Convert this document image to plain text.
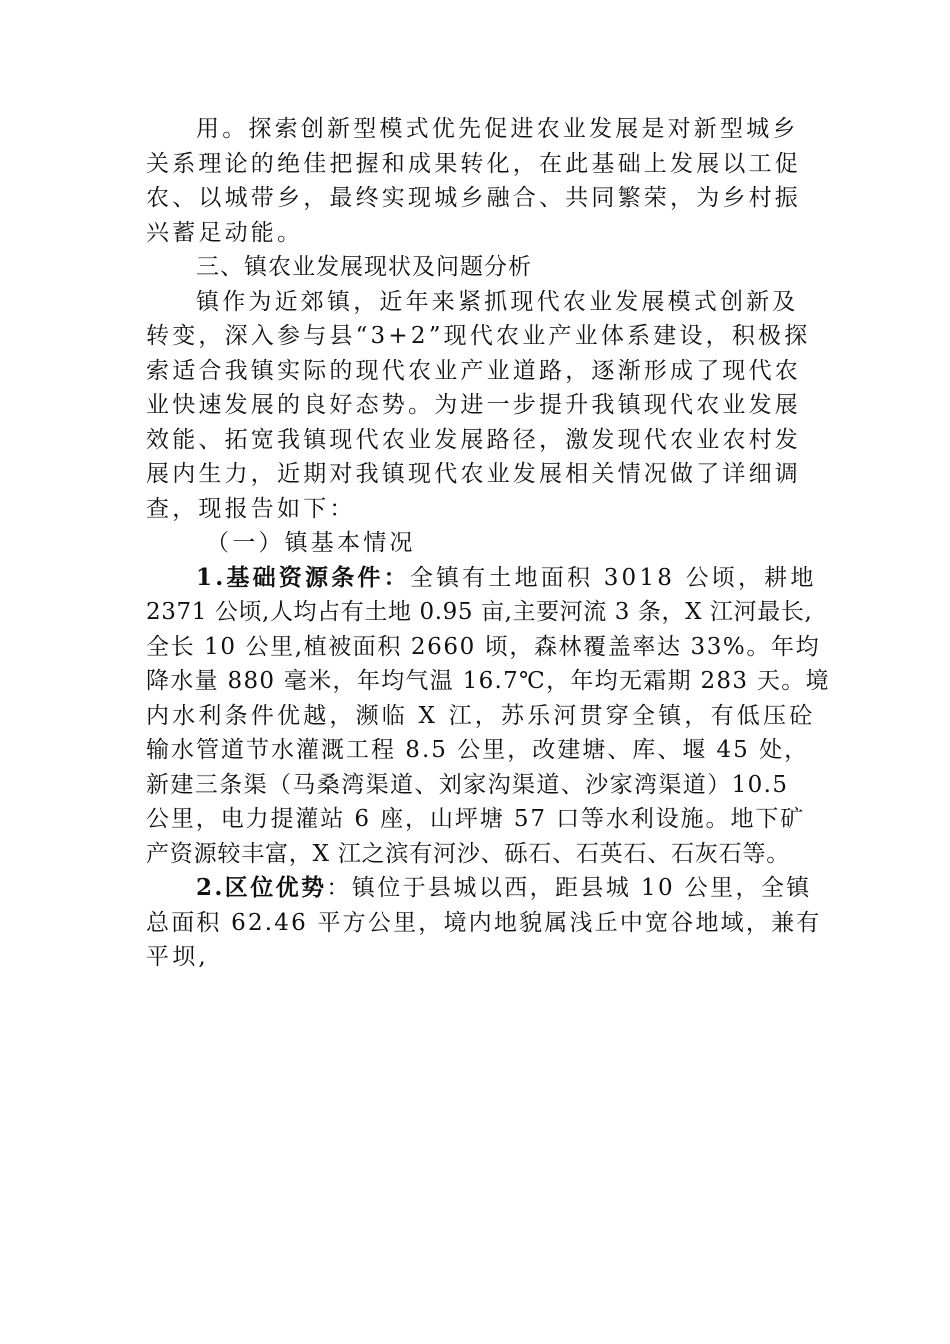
用。探索创新型模式优先促进农业发展是对新型城乡
关系理论的绝佳把握和成果转化，在此基础上发展以工促
农、以城带乡，最终实现城乡融合、共同繁荣，为乡村振
兴蓄足动能。
三、镇农业发展现状及问题分析
镇作为近郊镇，近年来紧抓现代农业发展模式创新及
转变，深入参与县“3+2”现代农业产业体系建设，积极探
索适合我镇实际的现代农业产业道路，逐渐形成了现代农
业快速发展的良好态势。为进一步提升我镇现代农业发展
效能、拓宽我镇现代农业发展路径，激发现代农业农村发
展内生力，近期对我镇现代农业发展相关情况做了详细调
查，现报告如下：
（一）镇基本情况
1.基础资源条件：全镇有土地面积 3018 公顷，耕地
2371 公顷,人均占有土地 0.95 亩,主要河流 3 条，X 江河最长,
全长 10 公里,植被面积 2660 顷，森林覆盖率达 33%。年均
降水量 880 毫米，年均气温 16.7℃，年均无霜期 283 天。境
内水利条件优越，濒临 X 江，苏乐河贯穿全镇，有低压砼
输水管道节水灌溉工程 8.5 公里，改建塘、库、堰 45 处，
新建三条渠（马桑湾渠道、刘家沟渠道、沙家湾渠道）10.5
公里，电力提灌站 6 座，山坪塘 57 口等水利设施。地下矿
产资源较丰富，X 江之滨有河沙、砾石、石英石、石灰石等。
2.区位优势：镇位于县城以西，距县城 10 公里，全镇
总面积 62.46 平方公里，境内地貌属浅丘中宽谷地域，兼有
平坝,
